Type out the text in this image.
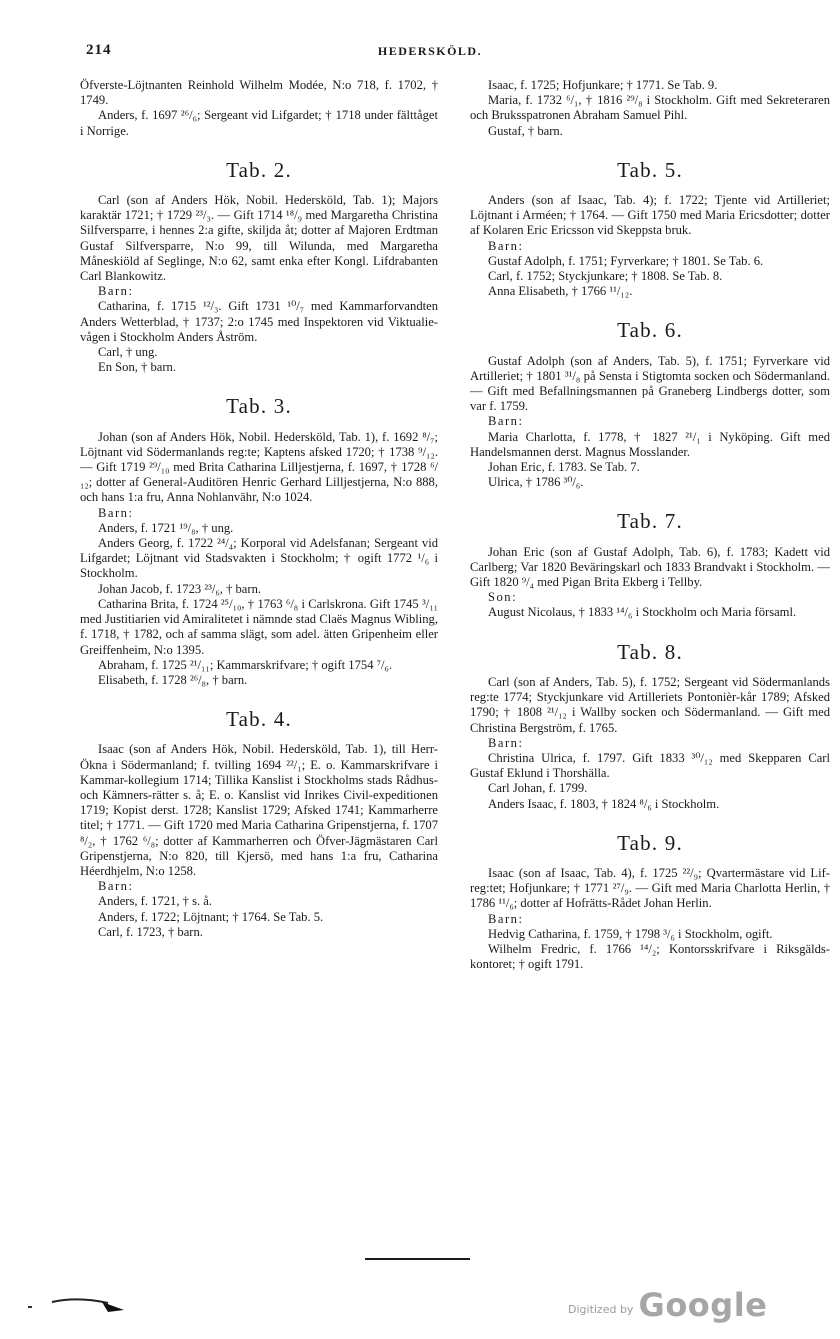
214	HEDERSKÖLD.

Öfverste-Löjtnanten Reinhold Wilhelm Modée, N:o 718, f. 1702, † 1749.

Anders, f. 1697 ²⁶/₆; Sergeant vid Lifgardet; † 1718 under fälttåget i Norrige.

Tab. 2.

Carl (son af Anders Hök, Nobil. Hedersköld, Tab. 1); Majors karaktär 1721; † 1729 ²³/₃. — Gift 1714 ¹⁸/₉ med Margaretha Christina Silfversparre, i hennes 2:a gifte, skiljda åt; dotter af Majoren Erdtman Gustaf Silfversparre, N:o 99, till Wilunda, med Margaretha Måneskiöld af Seglinge, N:o 62, samt enka efter Kongl. Lifdrabanten Carl Blankowitz.

Barn:

Catharina, f. 1715 ¹²/₃. Gift 1731 ¹⁰/₇ med Kammarforvandten Anders Wetterblad, † 1737; 2:o 1745 med Inspektoren vid Viktualie-vågen i Stockholm Anders Åström.

Carl, † ung.

En Son, † barn.

Tab. 3.

Johan (son af Anders Hök, Nobil. Hedersköld, Tab. 1), f. 1692 ⁸/₇; Löjtnant vid Södermanlands reg:te; Kaptens afsked 1720; † 1738 ⁹/₁₂. — Gift 1719 ²⁹/₁₀ med Brita Catharina Lilljestjerna, f. 1697, † 1728 ⁶/₁₂; dotter af General-Auditören Henric Gerhard Lilljestjerna, N:o 888, och hans 1:a fru, Anna Nohlanvähr, N:o 1024.

Barn:

Anders, f. 1721 ¹⁹/₈, † ung.

Anders Georg, f. 1722 ²⁴/₄; Korporal vid Adelsfanan; Sergeant vid Lifgardet; Löjtnant vid Stadsvakten i Stockholm; † ogift 1772 ¹/₆ i Stockholm.

Johan Jacob, f. 1723 ²³/₆, † barn.

Catharina Brita, f. 1724 ²⁵/₁₀, † 1763 ⁶/₈ i Carlskrona. Gift 1745 ³/₁₁ med Justitiarien vid Amiralitetet i nämnde stad Claës Magnus Wibling, f. 1718, † 1782, och af samma slägt, som adel. ätten Gripenheim eller Greiffenheim, N:o 1395.

Abraham, f. 1725 ²¹/₁₁; Kammarskrifvare; † ogift 1754 ⁷/₆.

Elisabeth, f. 1728 ²⁶/₈, † barn.

Tab. 4.

Isaac (son af Anders Hök, Nobil. Hedersköld, Tab. 1), till Herr-Ökna i Södermanland; f. tvilling 1694 ²²/₁; E. o. Kammarskrifvare i Kammar-kollegium 1714; Tillika Kanslist i Stockholms stads Rådhus- och Kämners-rätter s. å; E. o. Kanslist vid Inrikes Civil-expeditionen 1719; Kopist derst. 1728; Kanslist 1729; Afsked 1741; Kammarherre titel; † 1771. — Gift 1720 med Maria Catharina Gripenstjerna, f. 1707 ⁸/₂, † 1762 ⁶/₈; dotter af Kammarherren och Öfver-Jägmästaren Carl Gripenstjerna, N:o 820, till Kjersö, med hans 1:a fru, Catharina Héerdhjelm, N:o 1258.

Barn:

Anders, f. 1721, † s. å.

Anders, f. 1722; Löjtnant; † 1764. Se Tab. 5.

Carl, f. 1723, † barn.

Isaac, f. 1725; Hofjunkare; † 1771. Se Tab. 9.

Maria, f. 1732 ⁶/₁, † 1816 ²⁹/₈ i Stockholm. Gift med Sekreteraren och Bruksspatronen Abraham Samuel Pihl.

Gustaf, † barn.

Tab. 5.

Anders (son af Isaac, Tab. 4); f. 1722; Tjente vid Artilleriet; Löjtnant i Arméen; † 1764. — Gift 1750 med Maria Ericsdotter; dotter af Kolaren Eric Ericsson vid Skeppsta bruk.

Barn:

Gustaf Adolph, f. 1751; Fyrverkare; † 1801. Se Tab. 6.

Carl, f. 1752; Styckjunkare; † 1808. Se Tab. 8.

Anna Elisabeth, † 1766 ¹¹/₁₂.

Tab. 6.

Gustaf Adolph (son af Anders, Tab. 5), f. 1751; Fyrverkare vid Artilleriet; † 1801 ³¹/₈ på Sensta i Stigtomta socken och Södermanland. — Gift med Befallningsmannen på Graneberg Lindbergs dotter, som var f. 1759.

Barn:

Maria Charlotta, f. 1778, † 1827 ²¹/₁ i Nyköping. Gift med Handelsmannen derst. Magnus Mosslander.

Johan Eric, f. 1783. Se Tab. 7.

Ulrica, † 1786 ³⁰/₆.

Tab. 7.

Johan Eric (son af Gustaf Adolph, Tab. 6), f. 1783; Kadett vid Carlberg; Var 1820 Beväringskarl och 1833 Brandvakt i Stockholm. — Gift 1820 ⁹/₄ med Pigan Brita Ekberg i Tellby.

Son:

August Nicolaus, † 1833 ¹⁴/₆ i Stockholm och Maria församl.

Tab. 8.

Carl (son af Anders, Tab. 5), f. 1752; Sergeant vid Södermanlands reg:te 1774; Styckjunkare vid Artilleriets Pontonièr-kår 1789; Afsked 1790; † 1808 ²¹/₁₂ i Wallby socken och Södermanland. — Gift med Christina Bergström, f. 1765.

Barn:

Christina Ulrica, f. 1797. Gift 1833 ³⁰/₁₂ med Skepparen Carl Gustaf Eklund i Thorshälla.

Carl Johan, f. 1799.

Anders Isaac, f. 1803, † 1824 ⁸/₆ i Stockholm.

Tab. 9.

Isaac (son af Isaac, Tab. 4), f. 1725 ²²/₉; Qvartermästare vid Lif-reg:tet; Hofjunkare; † 1771 ²⁷/₉. — Gift med Maria Charlotta Herlin, † 1786 ¹¹/₆; dotter af Hofrätts-Rådet Johan Herlin.

Barn:

Hedvig Catharina, f. 1759, † 1798 ³/₆ i Stockholm, ogift.

Wilhelm Fredric, f. 1766 ¹⁴/₂; Kontorsskrifvare i Riksgälds-kontoret; † ogift 1791.

Digitized by Google
